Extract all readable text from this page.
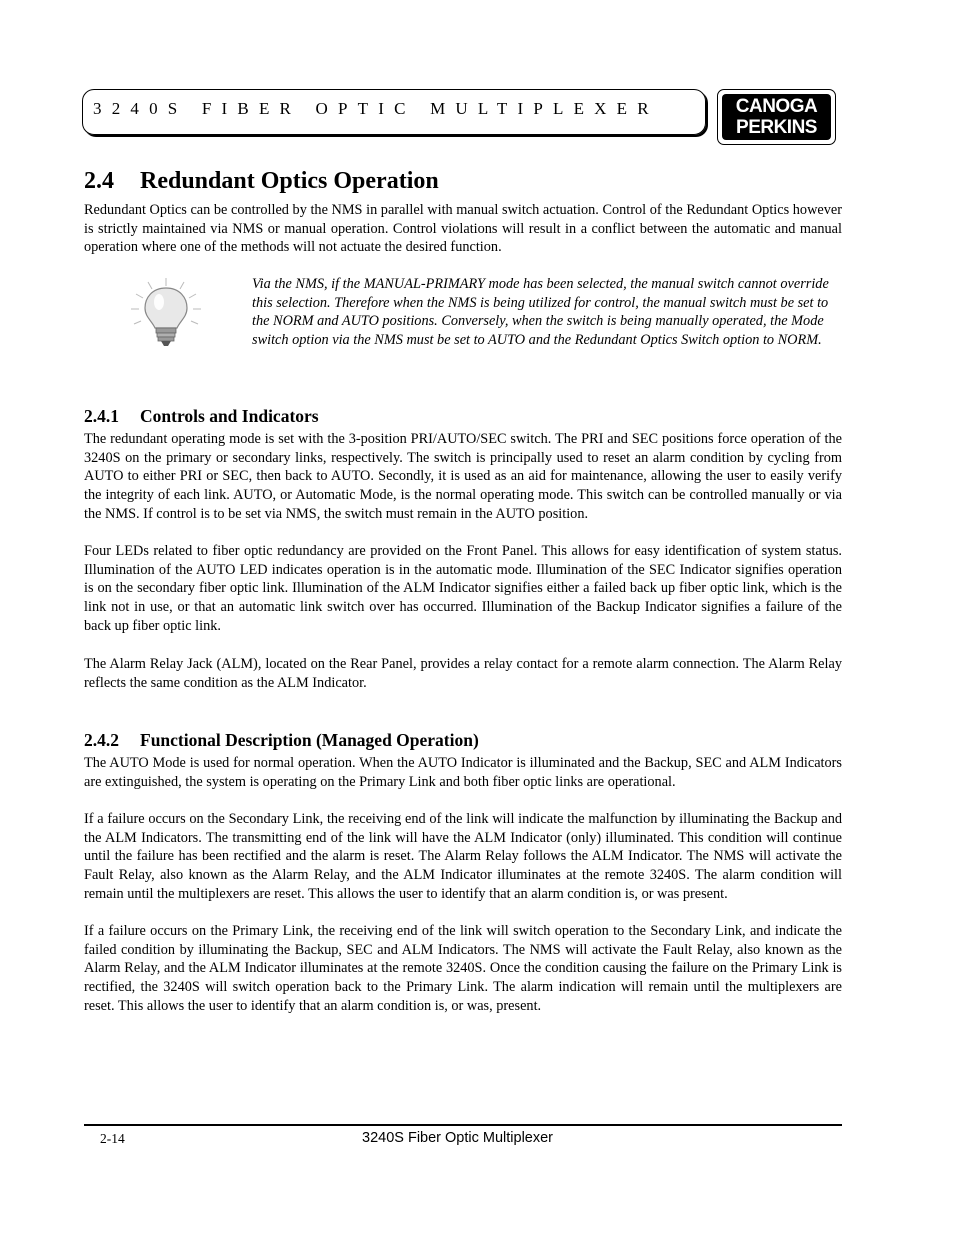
3240S FIBER OPTIC MULTIPLEXER	CANOGA
PERKINS
2.4 Redundant Optics Operation

Redundant Optics can be controlled by the NMS in parallel with manual switch actuation. Control of the Redundant Optics however is strictly maintained via NMS or manual operation. Control violations will result in a conflict between the automatic and manual operation where one of the methods will not actuate the desired function.

Via the NMS, if the MANUAL-PRIMARY mode has been selected, the manual switch cannot override this selection. Therefore when the NMS is being utilized for control, the manual switch must be set to the NORM and AUTO positions. Conversely, when the switch is being manually operated, the Mode switch option via the NMS must be set to AUTO and the Redundant Optics Switch option to NORM.

2.4.1 Controls and Indicators

The redundant operating mode is set with the 3-position PRI/AUTO/SEC switch. The PRI and SEC positions force operation of the 3240S on the primary or secondary links, respectively. The switch is principally used to reset an alarm condition by cycling from AUTO to either PRI or SEC, then back to AUTO. Secondly, it is used as an aid for maintenance, allowing the user to easily verify the integrity of each link. AUTO, or Automatic Mode, is the normal operating mode. This switch can be controlled manually or via the NMS. If control is to be set via NMS, the switch must remain in the AUTO position.

Four LEDs related to fiber optic redundancy are provided on the Front Panel. This allows for easy identification of system status. Illumination of the AUTO LED indicates operation is in the automatic mode. Illumination of the SEC Indicator signifies operation is on the secondary fiber optic link. Illumination of the ALM Indicator signifies either a failed back up fiber optic link, which is the link not in use, or that an automatic link switch over has occurred. Illumination of the Backup Indicator signifies a failure of the back up fiber optic link.

The Alarm Relay Jack (ALM), located on the Rear Panel, provides a relay contact for a remote alarm connection. The Alarm Relay reflects the same condition as the ALM Indicator.

2.4.2 Functional Description (Managed Operation)

The AUTO Mode is used for normal operation. When the AUTO Indicator is illuminated and the Backup, SEC and ALM Indicators are extinguished, the system is operating on the Primary Link and both fiber optic links are operational.

If a failure occurs on the Secondary Link, the receiving end of the link will indicate the malfunction by illuminating the Backup and the ALM Indicators. The transmitting end of the link will have the ALM Indicator (only) illuminated. This condition will continue until the failure has been rectified and the alarm is reset. The Alarm Relay follows the ALM Indicator. The NMS will activate the Fault Relay, also known as the Alarm Relay, and the ALM Indicator illuminates at the remote 3240S. The alarm condition will remain until the multiplexers are reset. This allows the user to identify that an alarm condition is, or was present.

If a failure occurs on the Primary Link, the receiving end of the link will switch operation to the Secondary Link, and indicate the failed condition by illuminating the Backup, SEC and ALM Indicators. The NMS will activate the Fault Relay, also known as the Alarm Relay, and the ALM Indicator illuminates at the remote 3240S. Once the condition causing the failure on the Primary Link is rectified, the 3240S will switch operation back to the Primary Link. The alarm indication will remain until the multiplexers are reset. This allows the user to identify that an alarm condition is, or was, present.

2-14	3240S Fiber Optic Multiplexer
